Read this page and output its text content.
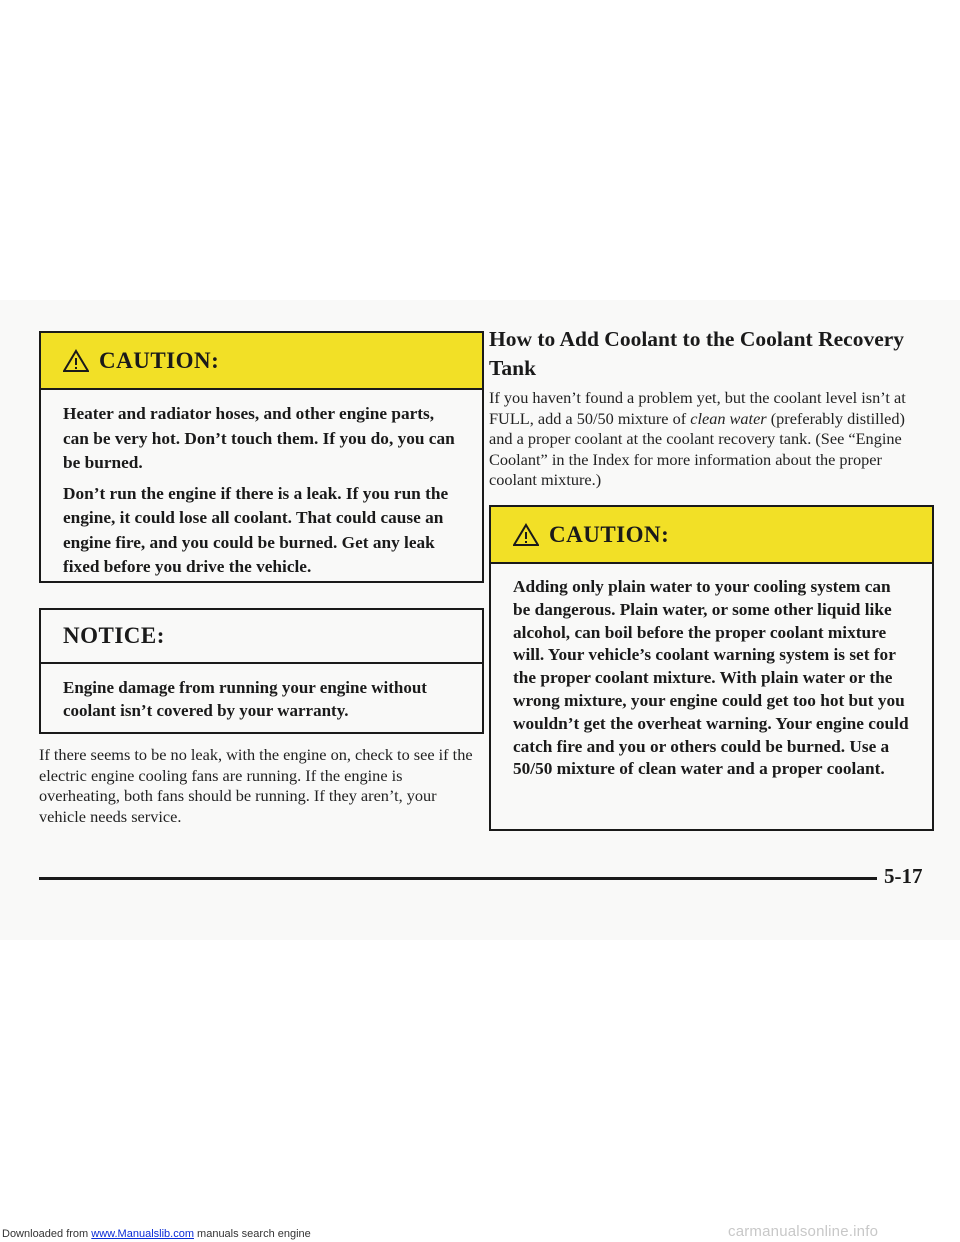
CAUTION:

Heater and radiator hoses, and other engine parts, can be very hot. Don’t touch them. If you do, you can be burned.

Don’t run the engine if there is a leak. If you run the engine, it could lose all coolant. That could cause an engine fire, and you could be burned. Get any leak fixed before you drive the vehicle.

NOTICE:

Engine damage from running your engine without coolant isn’t covered by your warranty.

If there seems to be no leak, with the engine on, check to see if the electric engine cooling fans are running. If the engine is overheating, both fans should be running. If they aren’t, your vehicle needs service.

How to Add Coolant to the Coolant Recovery Tank

If you haven’t found a problem yet, but the coolant level isn’t at FULL, add a 50/50 mixture of clean water (preferably distilled) and a proper coolant at the coolant recovery tank. (See “Engine Coolant” in the Index for more information about the proper coolant mixture.)

CAUTION:

Adding only plain water to your cooling system can be dangerous. Plain water, or some other liquid like alcohol, can boil before the proper coolant mixture will. Your vehicle’s coolant warning system is set for the proper coolant mixture. With plain water or the wrong mixture, your engine could get too hot but you wouldn’t get the overheat warning. Your engine could catch fire and you or others could be burned. Use a 50/50 mixture of clean water and a proper coolant.

5-17

carmanualsonline.info
Downloaded from www.Manualslib.com manuals search engine
